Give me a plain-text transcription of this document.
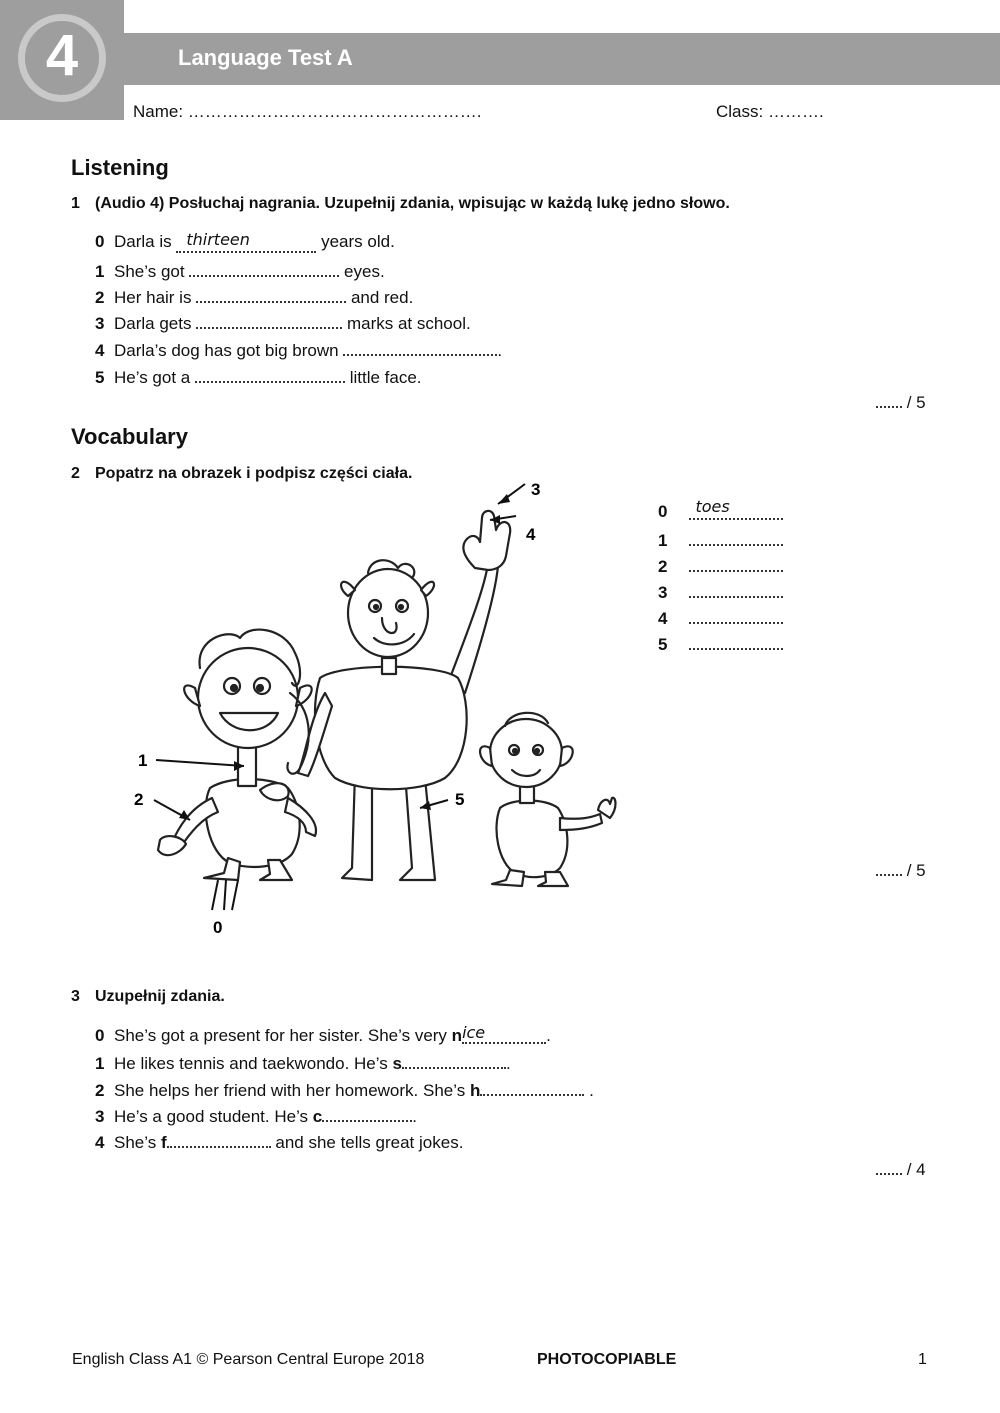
4	Language Test A
Name: …………………………………………….	Class: ……….
Listening
1 (Audio 4) Posłuchaj nagrania. Uzupełnij zdania, wpisując w każdą lukę jedno słowo.
0 Darla is thirteen	years old.
1 She’s got	eyes.
2 Her hair is	and red.
3 Darla gets	marks at school.
4 Darla’s dog has got big brown	.
5 He’s got a	little face.
/ 5
Vocabulary
2 Popatrz na obrazek i podpisz części ciała.
3
4
1
2	5
0
0 toes
1
2
3
4
5
/ 5
3 Uzupełnij zdania.
0 She’s got a present for her sister. She’s very nice	.
1 He likes tennis and taekwondo. He’s s	.
2 She helps her friend with her homework. She’s h	.
3 He’s a good student. He’s c	.
4 She’s f	and she tells great jokes.
/ 4
English Class A1 © Pearson Central Europe 2018	PHOTOCOPIABLE	1
